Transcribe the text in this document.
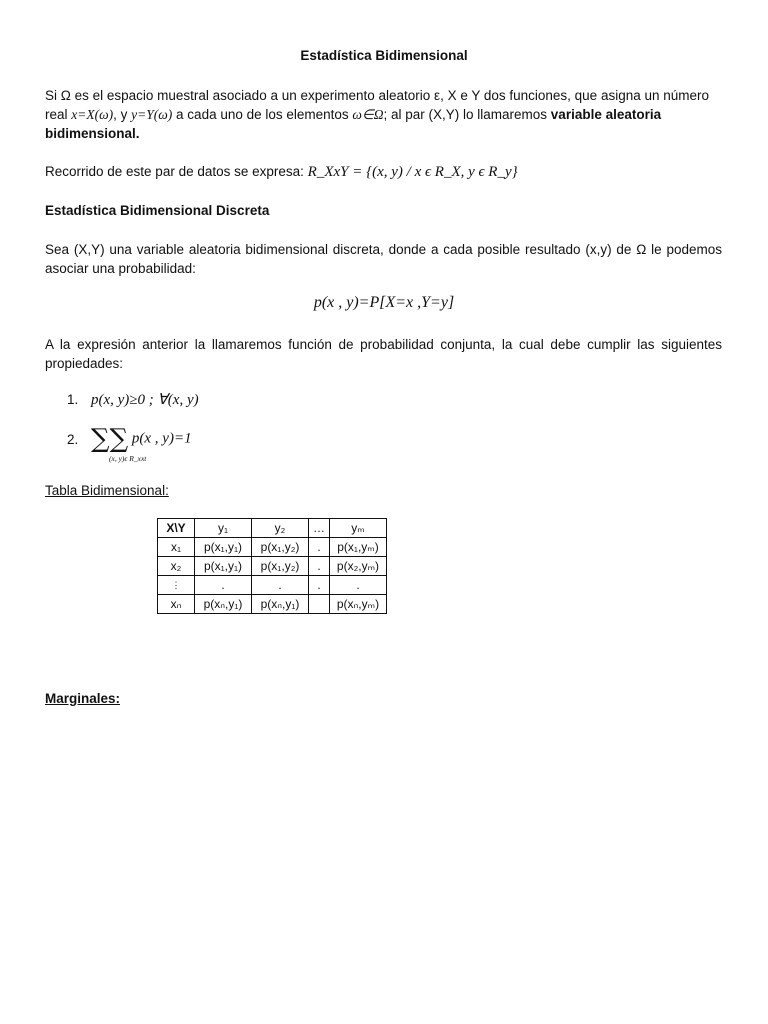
Estadística Bidimensional
Si Ω es el espacio muestral asociado a un experimento aleatorio ε, X e Y dos funciones, que asigna un número
real x=X(ω), y y=Y(ω) a cada uno de los elementos ω∈Ω; al par (X,Y) lo llamaremos variable aleatoria
bidimensional.
Recorrido de este par de datos se expresa: R_XxY = {(x, y) / x ϵ R_X, y ϵ R_y}
Estadística Bidimensional Discreta
Sea (X,Y) una variable aleatoria bidimensional discreta, donde a cada posible resultado (x,y) de Ω le podemos asociar una probabilidad:
p(x , y)=P[X=x ,Y=y]
A la expresión anterior la llamaremos función de probabilidad conjunta, la cual debe cumplir las siguientes propiedades:
1. p(x, y)≥0 ; ∀(x, y)
2. ∑∑
(x, y)ϵ R_xxt
p(x , y)=1
Tabla Bidimensional:
X\Y	y₁	y₂	…	yₘ
x₁	p(x₁,y₁)	p(x₁,y₂)	.	p(x₁,yₘ)
x₂	p(x₁,y₁)	p(x₁,y₂)	.	p(x₂,yₘ)
⋮	.	.	.	.
xₙ	p(xₙ,y₁)	p(xₙ,y₁)		p(xₙ,yₘ)
Marginales:
